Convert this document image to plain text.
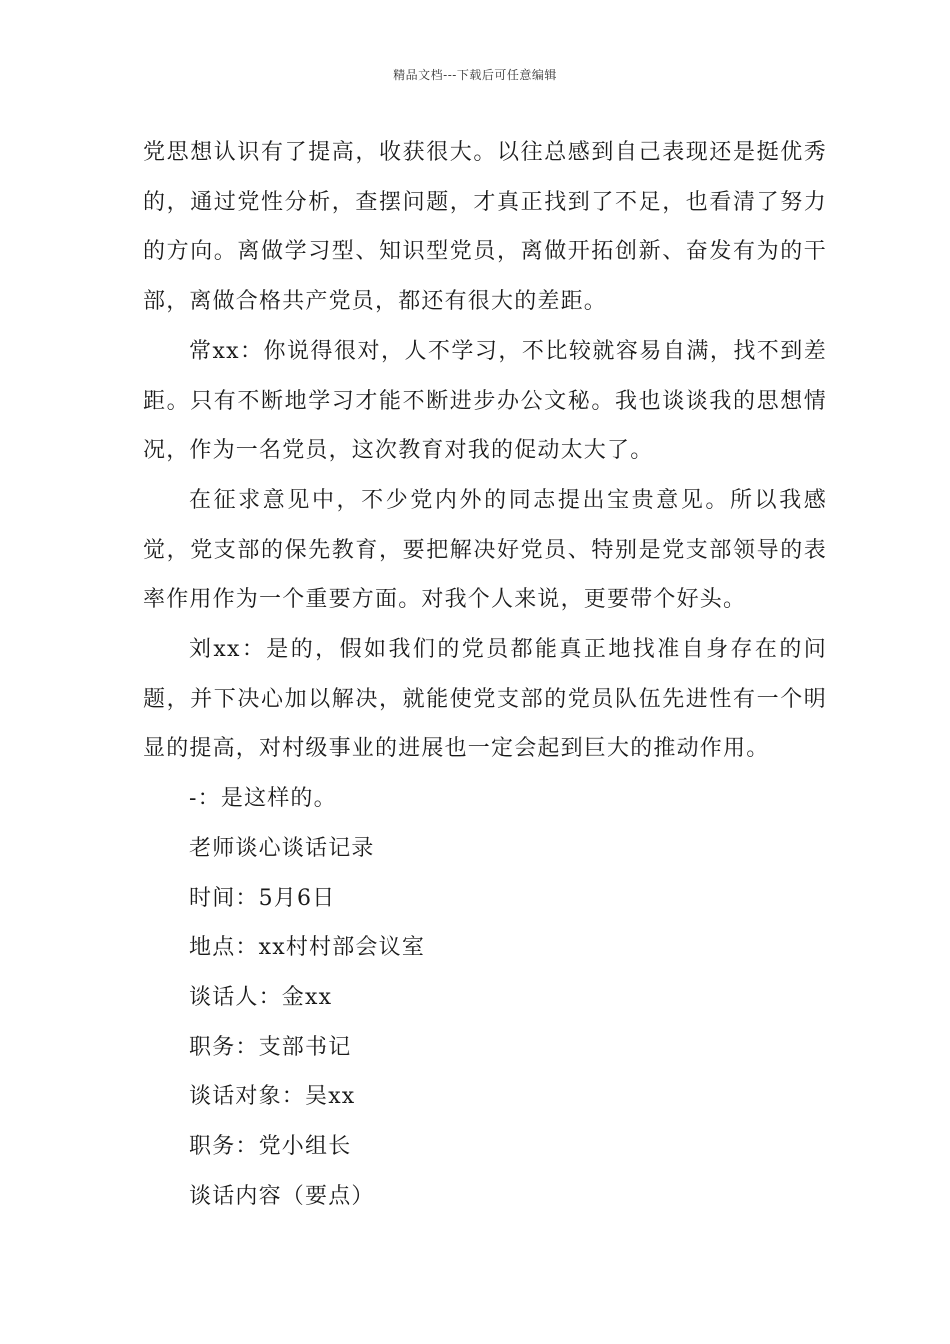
精品文档---下载后可任意编辑

党思想认识有了提高，收获很大。以往总感到自己表现还是挺优秀的，通过党性分析，查摆问题，才真正找到了不足，也看清了努力的方向。离做学习型、知识型党员，离做开拓创新、奋发有为的干部，离做合格共产党员，都还有很大的差距。

常xx：你说得很对，人不学习，不比较就容易自满，找不到差距。只有不断地学习才能不断进步办公文秘。我也谈谈我的思想情况，作为一名党员，这次教育对我的促动太大了。

在征求意见中，不少党内外的同志提出宝贵意见。所以我感觉，党支部的保先教育，要把解决好党员、特别是党支部领导的表率作用作为一个重要方面。对我个人来说，更要带个好头。

刘xx：是的，假如我们的党员都能真正地找准自身存在的问题，并下决心加以解决，就能使党支部的党员队伍先进性有一个明显的提高，对村级事业的进展也一定会起到巨大的推动作用。

-：是这样的。

老师谈心谈话记录

时间：5月6日

地点：xx村村部会议室

谈话人：金xx

职务：支部书记

谈话对象：吴xx

职务：党小组长

谈话内容（要点）
